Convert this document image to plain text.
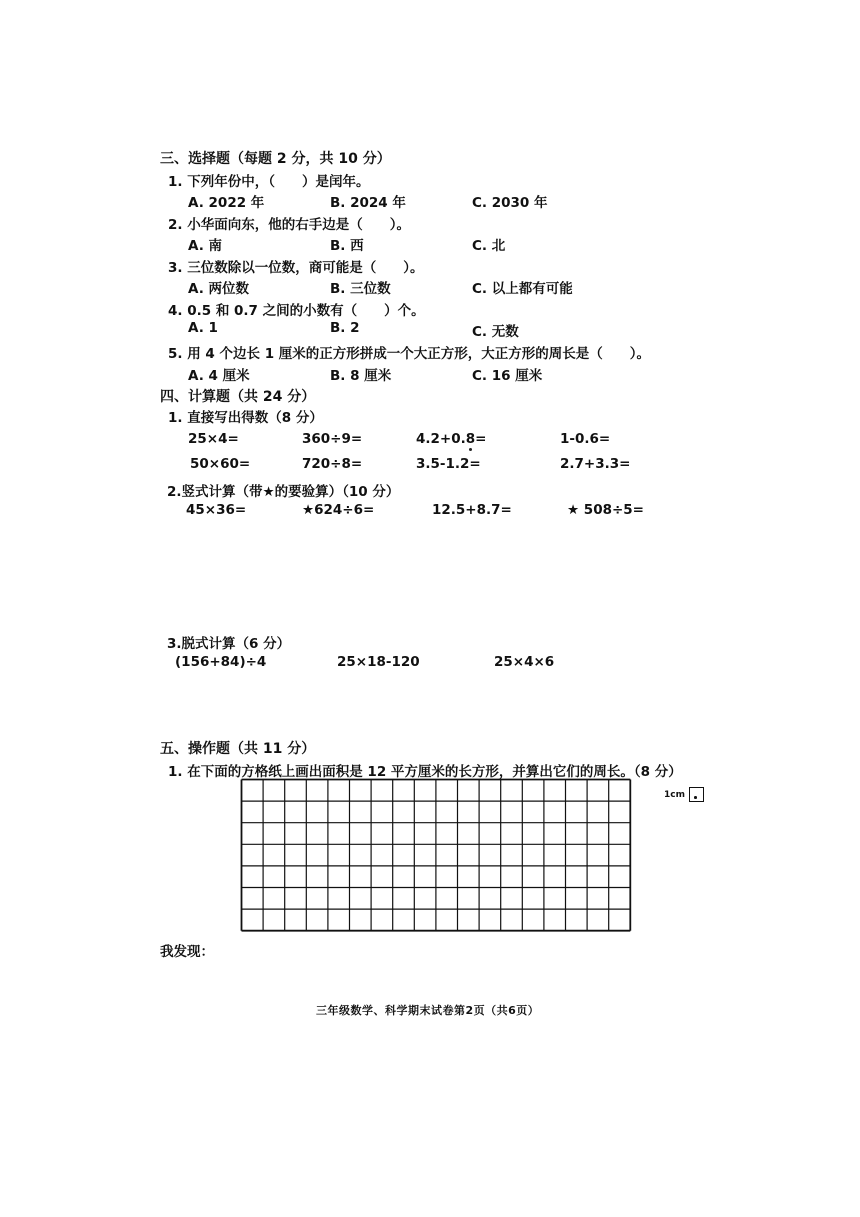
三、选择题（每题 2 分，共 10 分）
1. 下列年份中，（　　）是闰年。
A. 2022 年	B. 2024 年	C. 2030 年
2. 小华面向东，他的右手边是（　　）。
A. 南	B. 西	C. 北
3. 三位数除以一位数，商可能是（　　）。
A. 两位数	B. 三位数	C. 以上都有可能
4. 0.5 和 0.7 之间的小数有（　　）个。
A. 1	B. 2	C. 无数
5. 用 4 个边长 1 厘米的正方形拼成一个大正方形，大正方形的周长是（　　）。
A. 4 厘米	B. 8 厘米	C. 16 厘米
四、计算题（共 24 分）
1. 直接写出得数（8 分）
25×4=	360÷9=	4.2+0.8=	1-0.6=
50×60=	720÷8=	3.5-1.2=	2.7+3.3=
2.竖式计算（带★的要验算）（10 分）
45×36=	★624÷6=	12.5+8.7=	★ 508÷5=
3.脱式计算（6 分）
(156+84)÷4	25×18-120	25×4×6
五、操作题（共 11 分）
1. 在下面的方格纸上画出面积是 12 平方厘米的长方形，并算出它们的周长。（8 分）
1cm
我发现：
三年级数学、科学期末试卷第2页（共6页）
